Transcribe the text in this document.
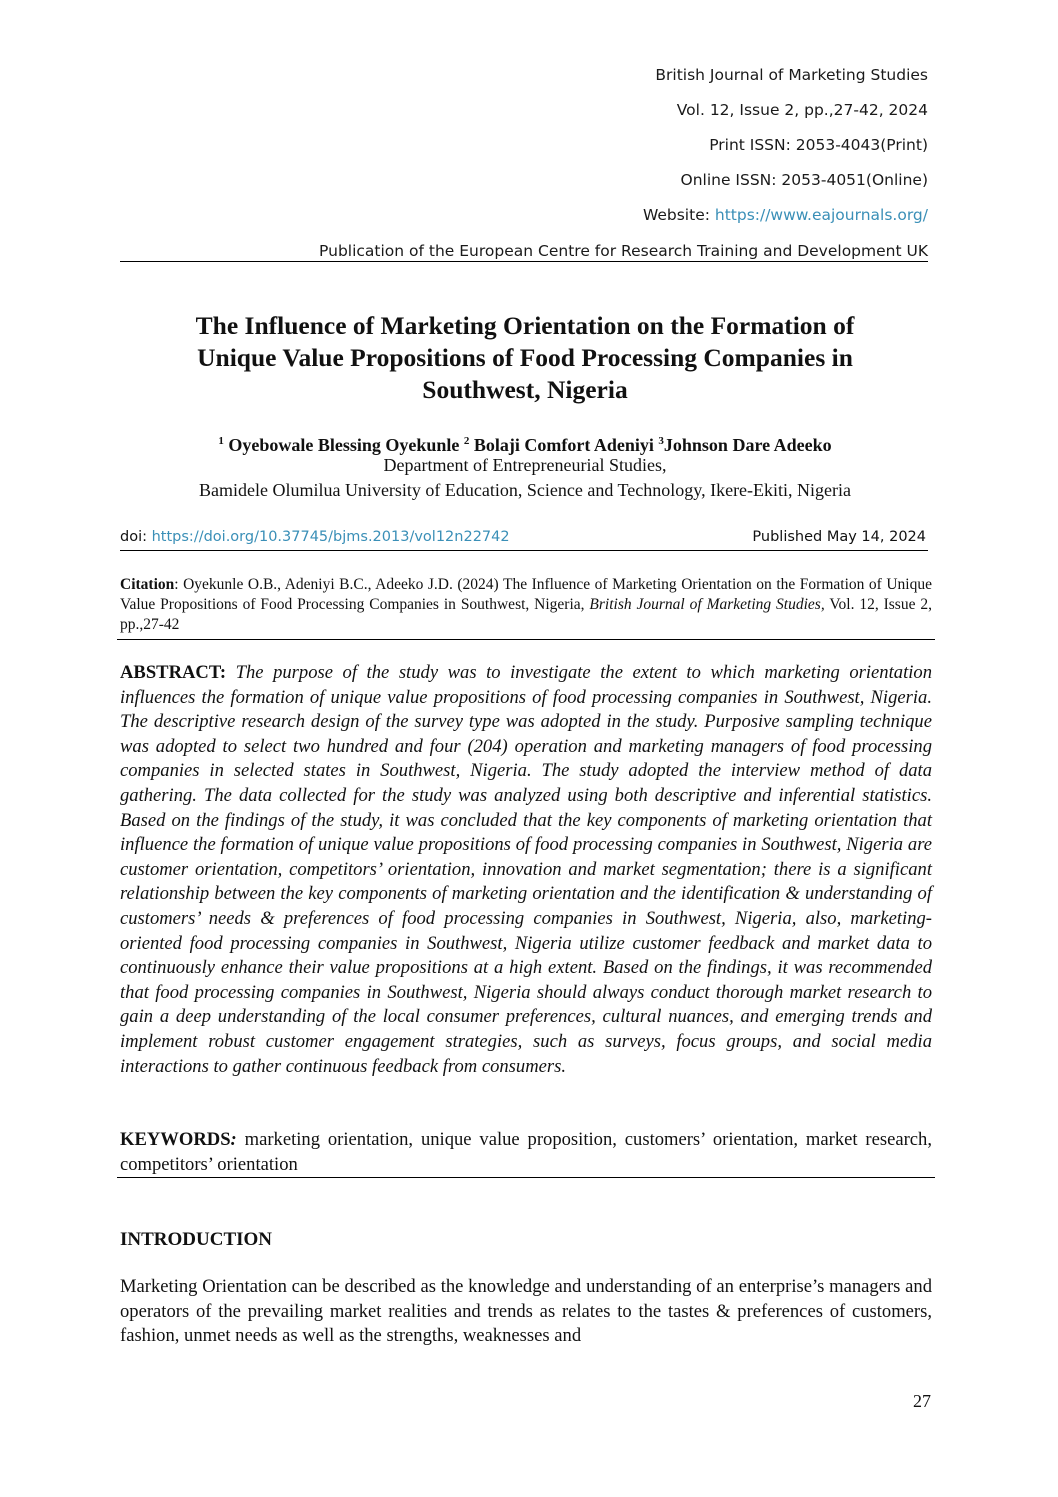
British Journal of Marketing Studies

Vol. 12, Issue 2, pp.,27-42, 2024

Print ISSN: 2053-4043(Print)

Online ISSN: 2053-4051(Online)

Website: https://www.eajournals.org/

Publication of the European Centre for Research Training and Development UK

The Influence of Marketing Orientation on the Formation of
Unique Value Propositions of Food Processing Companies in
Southwest, Nigeria

$^1$ Oyebowale Blessing Oyekunle $^2$ Bolaji Comfort Adeniyi $^3$Johnson Dare Adeeko

Department of Entrepreneurial Studies,

Bamidele Olumilua University of Education, Science and Technology, Ikere-Ekiti, Nigeria

doi: https://doi.org/10.37745/bjms.2013/vol12n22742	Published May 14, 2024

Citation: Oyekunle O.B., Adeniyi B.C., Adeeko J.D. (2024) The Influence of Marketing Orientation on the Formation of Unique Value Propositions of Food Processing Companies in Southwest, Nigeria, British Journal of Marketing Studies, Vol. 12, Issue 2, pp.,27-42

ABSTRACT: The purpose of the study was to investigate the extent to which marketing orientation influences the formation of unique value propositions of food processing companies in Southwest, Nigeria. The descriptive research design of the survey type was adopted in the study. Purposive sampling technique was adopted to select two hundred and four (204) operation and marketing managers of food processing companies in selected states in Southwest, Nigeria. The study adopted the interview method of data gathering. The data collected for the study was analyzed using both descriptive and inferential statistics. Based on the findings of the study, it was concluded that the key components of marketing orientation that influence the formation of unique value propositions of food processing companies in Southwest, Nigeria are customer orientation, competitors’ orientation, innovation and market segmentation; there is a significant relationship between the key components of marketing orientation and the identification & understanding of customers’ needs & preferences of food processing companies in Southwest, Nigeria, also, marketing-oriented food processing companies in Southwest, Nigeria utilize customer feedback and market data to continuously enhance their value propositions at a high extent. Based on the findings, it was recommended that food processing companies in Southwest, Nigeria should always conduct thorough market research to gain a deep understanding of the local consumer preferences, cultural nuances, and emerging trends and implement robust customer engagement strategies, such as surveys, focus groups, and social media interactions to gather continuous feedback from consumers.

KEYWORDS: marketing orientation, unique value proposition, customers’ orientation, market research, competitors’ orientation

INTRODUCTION

Marketing Orientation can be described as the knowledge and understanding of an enterprise’s managers and operators of the prevailing market realities and trends as relates to the tastes & preferences of customers, fashion, unmet needs as well as the strengths, weaknesses and

27
